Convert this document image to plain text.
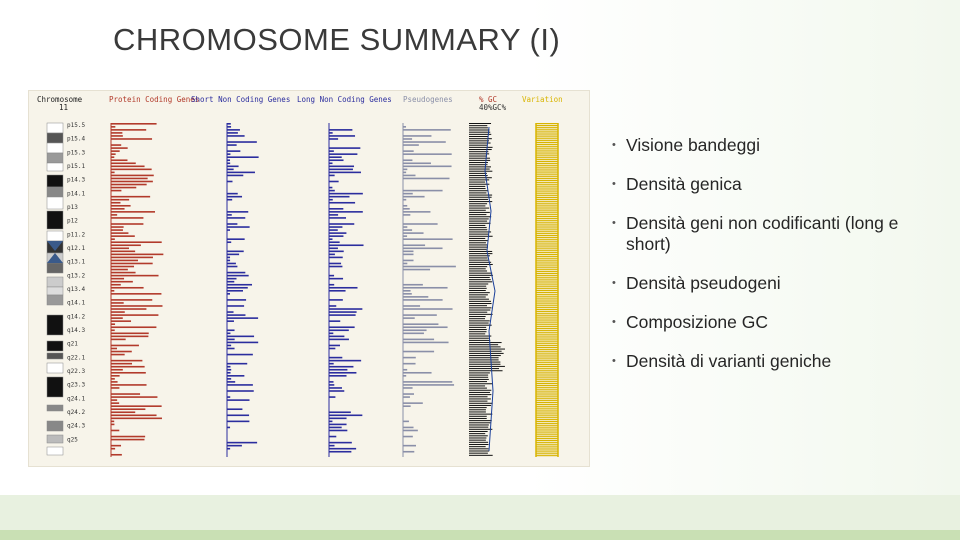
CHROMOSOME SUMMARY (I)
Chromosome
11
Protein Coding Genes
Short Non Coding Genes Long Non Coding Genes Pseudogenes	% GC
40%GC%
Variation
p15.5
p15.4
p15.3
p15.1
p14.3
p14.1
p13
p12
p11.2
q12.1
q13.1
q13.2
q13.4
q14.1
q14.2
q14.3
q21
q22.1
q22.3
q23.3
q24.1
q24.2
q24.3
q25
• Visione bandeggi
• Densità genica
• Densità geni non codificanti (long e short)
• Densità pseudogeni
• Composizione GC
• Densità di varianti geniche
